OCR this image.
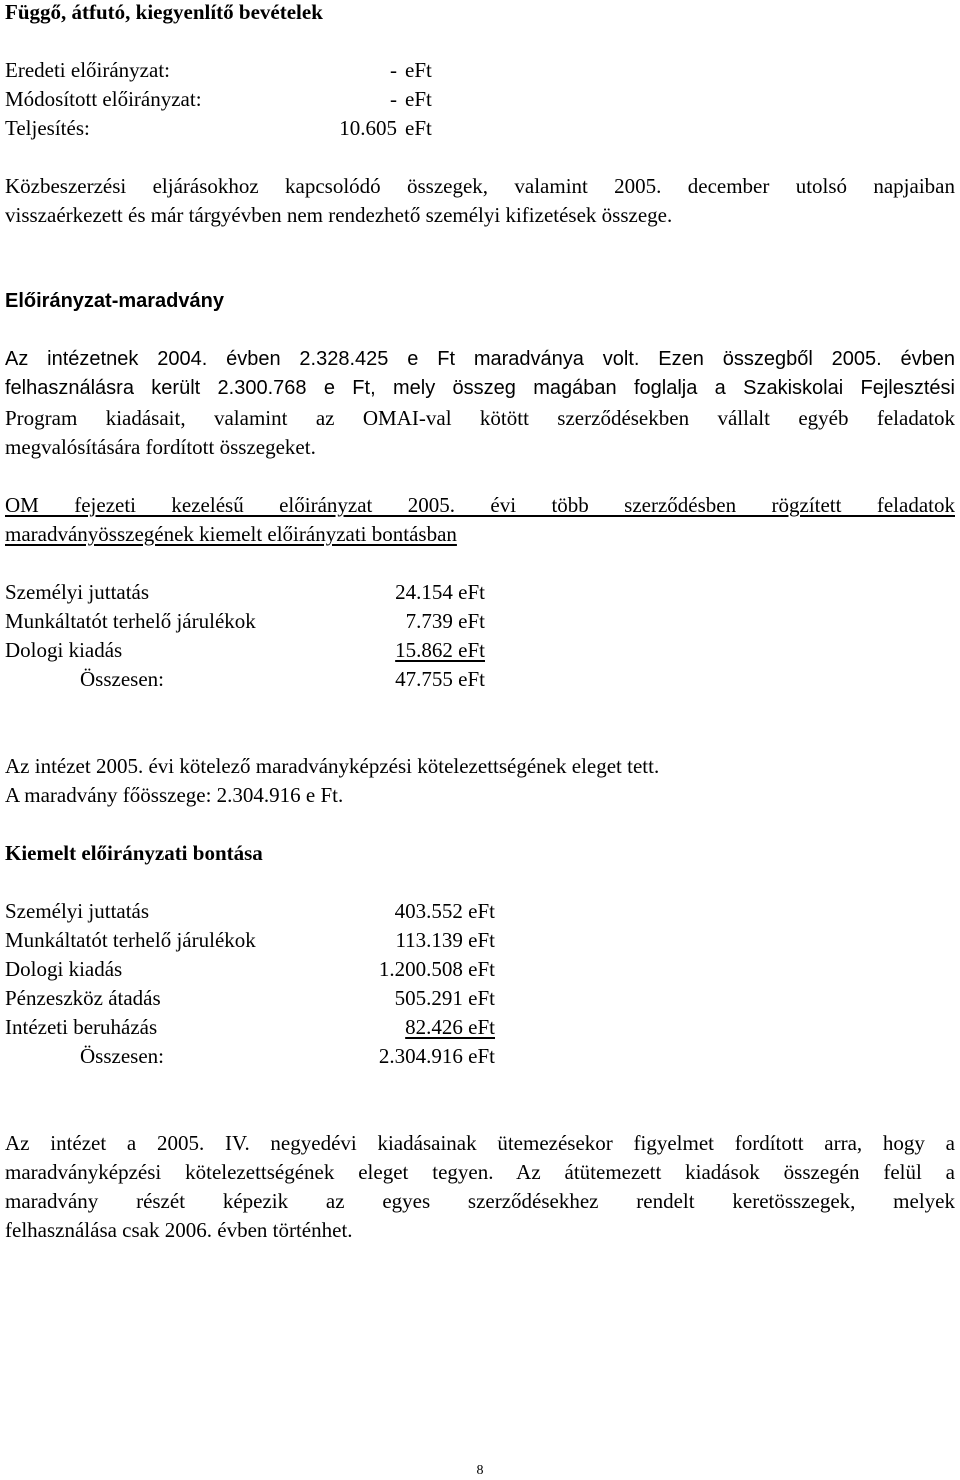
Függő, átfutó, kiegyenlítő bevételek
Eredeti előirányzat:	- eFt
Módosított előirányzat:	- eFt
Teljesítés:	10.605 eFt
Közbeszerzési eljárásokhoz kapcsolódó összegek, valamint 2005. december utolsó napjaiban
visszaérkezett és már tárgyévben nem rendezhető személyi kifizetések összege.
Előirányzat-maradvány
Az intézetnek 2004. évben 2.328.425 e Ft maradványa volt. Ezen összegből 2005. évben
felhasználásra került 2.300.768 e Ft, mely összeg magában foglalja a Szakiskolai Fejlesztési
Program kiadásait, valamint az OMAI-val kötött szerződésekben vállalt egyéb feladatok
megvalósítására fordított összegeket.
OM fejezeti kezelésű előirányzat 2005. évi több szerződésben rögzített feladatok
maradványösszegének kiemelt előirányzati bontásban
Személyi juttatás	24.154 eFt
Munkáltatót terhelő járulékok	7.739 eFt
Dologi kiadás	15.862 eFt
Összesen:	47.755 eFt
Az intézet 2005. évi kötelező maradványképzési kötelezettségének eleget tett.
A maradvány főösszege: 2.304.916 e Ft.
Kiemelt előirányzati bontása
Személyi juttatás	403.552 eFt
Munkáltatót terhelő járulékok	113.139 eFt
Dologi kiadás	1.200.508 eFt
Pénzeszköz átadás	505.291 eFt
Intézeti beruházás	82.426 eFt
Összesen:	2.304.916 eFt
Az intézet a 2005. IV. negyedévi kiadásainak ütemezésekor figyelmet fordított arra, hogy a
maradványképzési kötelezettségének eleget tegyen. Az átütemezett kiadások összegén felül a
maradvány részét képezik az egyes szerződésekhez rendelt keretösszegek, melyek
felhasználása csak 2006. évben történhet.
8
